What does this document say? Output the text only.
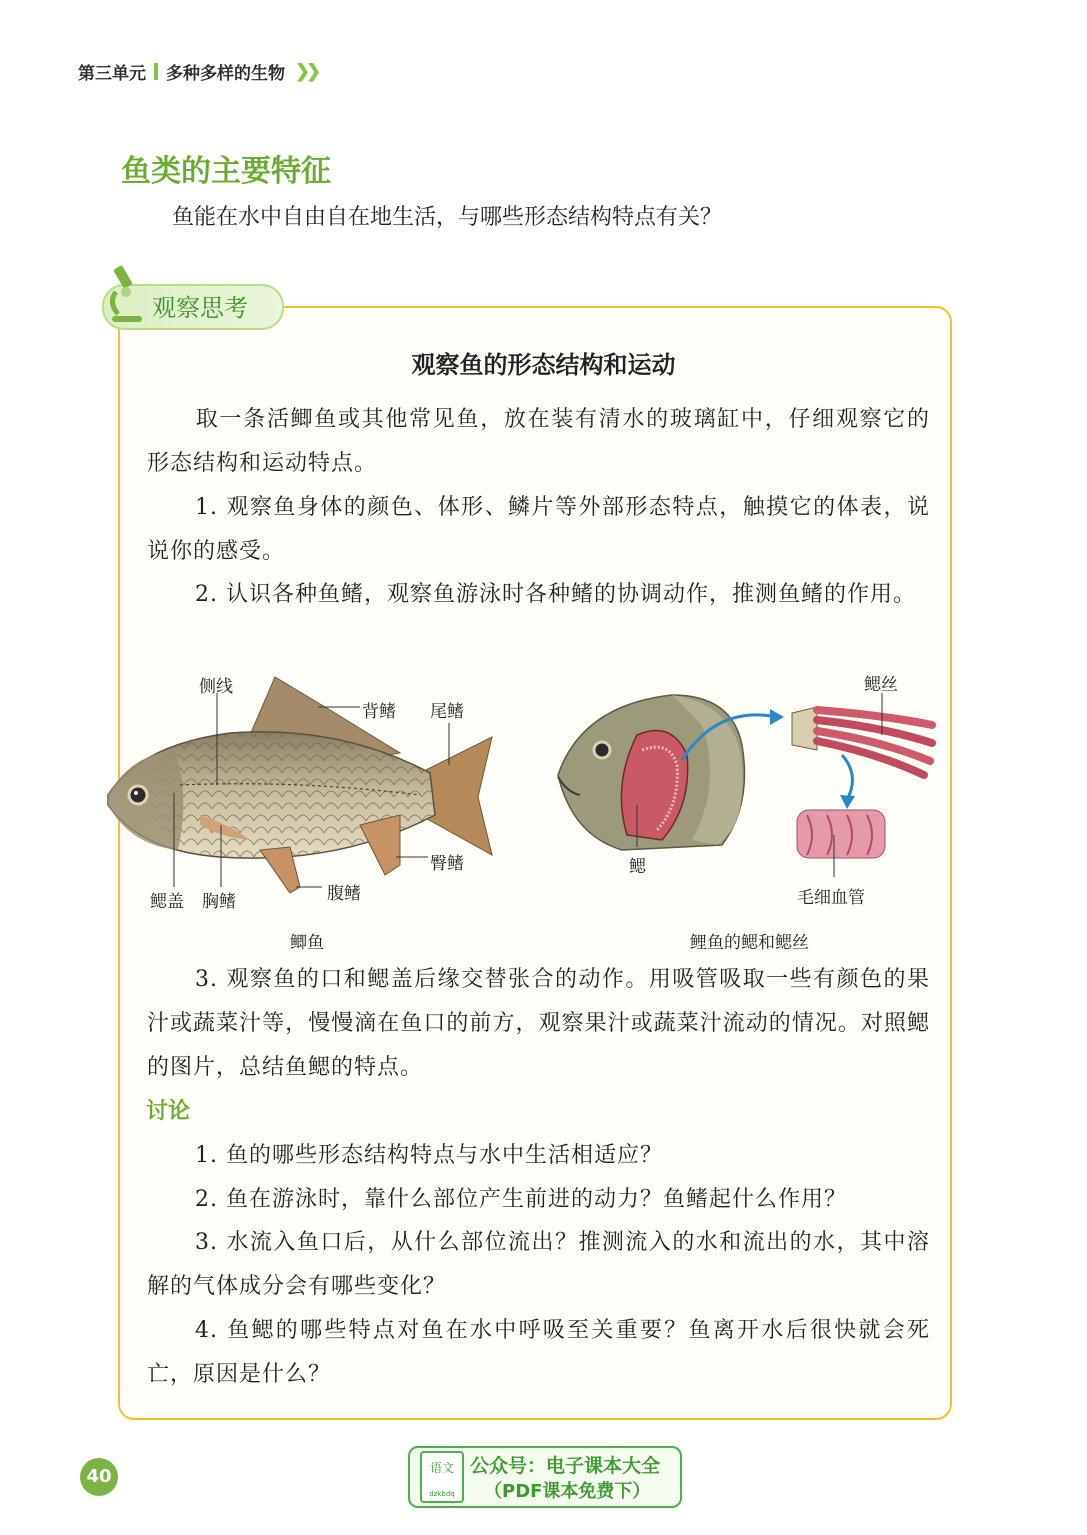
第三单元 多种多样的生物 ❯❯
鱼类的主要特征
鱼能在水中自由自在地生活，与哪些形态结构特点有关？
观察思考
观察鱼的形态结构和运动

取一条活鲫鱼或其他常见鱼，放在装有清水的玻璃缸中，仔细观察它的形态结构和运动特点。

1. 观察鱼身体的颜色、体形、鳞片等外部形态特点，触摸它的体表，说说你的感受。

2. 认识各种鱼鳍，观察鱼游泳时各种鳍的协调动作，推测鱼鳍的作用。

侧线
背鳍 尾鳍
臀鳍
鳃盖 胸鳍	腹鳍
鲫鱼
鳃丝
鳃
毛细血管
鲤鱼的鳃和鳃丝

3. 观察鱼的口和鳃盖后缘交替张合的动作。用吸管吸取一些有颜色的果汁或蔬菜汁等，慢慢滴在鱼口的前方，观察果汁或蔬菜汁流动的情况。对照鳃的图片，总结鱼鳃的特点。

讨论

1. 鱼的哪些形态结构特点与水中生活相适应？

2. 鱼在游泳时，靠什么部位产生前进的动力？鱼鳍起什么作用？

3. 水流入鱼口后，从什么部位流出？推测流入的水和流出的水，其中溶解的气体成分会有哪些变化？

4. 鱼鳃的哪些特点对鱼在水中呼吸至关重要？鱼离开水后很快就会死亡，原因是什么？

40	语文
dzkbdq
公众号：电子课本大全
（PDF课本免费下）
